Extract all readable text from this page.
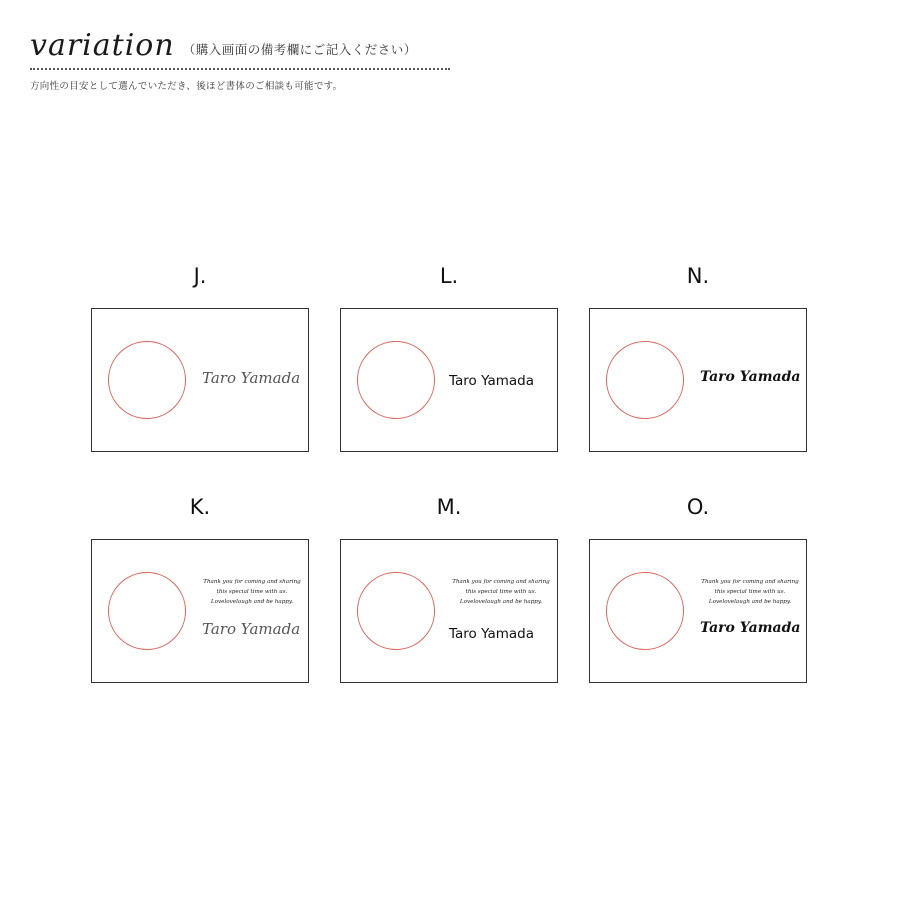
variation （購入画面の備考欄にご記入ください）
方向性の目安として選んでいただき、後ほど書体のご相談も可能です。
J.
Taro Yamada
L.
Taro Yamada
N.
Taro Yamada
K.
Thank you for coming and sharing
this special time with us.
Lovelovelaugh and be happy.
Taro Yamada
M.
Thank you for coming and sharing
this special time with us.
Lovelovelaugh and be happy.
Taro Yamada
O.
Thank you for coming and sharing
this special time with us.
Lovelovelaugh and be happy.
Taro Yamada
